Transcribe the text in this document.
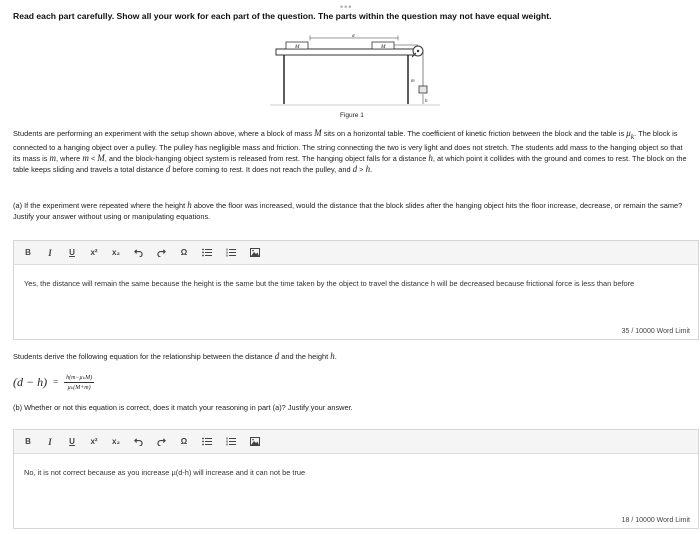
•••
Read each part carefully. Show all your work for each part of the question. The parts within the question may not have equal weight.
M	M
d
m
h
Figure 1
Students are performing an experiment with the setup shown above, where a block of mass M sits on a horizontal table. The coefficient of kinetic friction between the block and the table is $\mu_k$. The block is connected to a hanging object over a pulley. The pulley has negligible mass and friction. The string connecting the two is very light and does not stretch. The students add mass to the hanging object so that its mass is m, where m < M, and the block-hanging object system is released from rest. The hanging object falls for a distance h, at which point it collides with the ground and comes to rest. The block on the table keeps sliding and travels a total distance d before coming to rest. It does not reach the pulley, and d > h.
(a) If the experiment were repeated where the height h above the floor was increased, would the distance that the block slides after the hanging object hits the floor increase, decrease, or remain the same? Justify your answer without using or manipulating equations.
B I U x² x₂	Ω
Yes, the distance will remain the same because the height is the same but the time taken by the object to travel the distance h will be decreased because frictional force is less than before
35 / 10000 Word Limit
Students derive the following equation for the relationship between the distance d and the height h.
$(d - h) = \frac{\text{h(m−μₖM)}}{\text{μₖ(M+m)}}$
(b) Whether or not this equation is correct, does it match your reasoning in part (a)? Justify your answer.
B I U x² x₂	Ω
No, it is not correct because as you increase µ(d-h) will increase and it can not be true
18 / 10000 Word Limit
